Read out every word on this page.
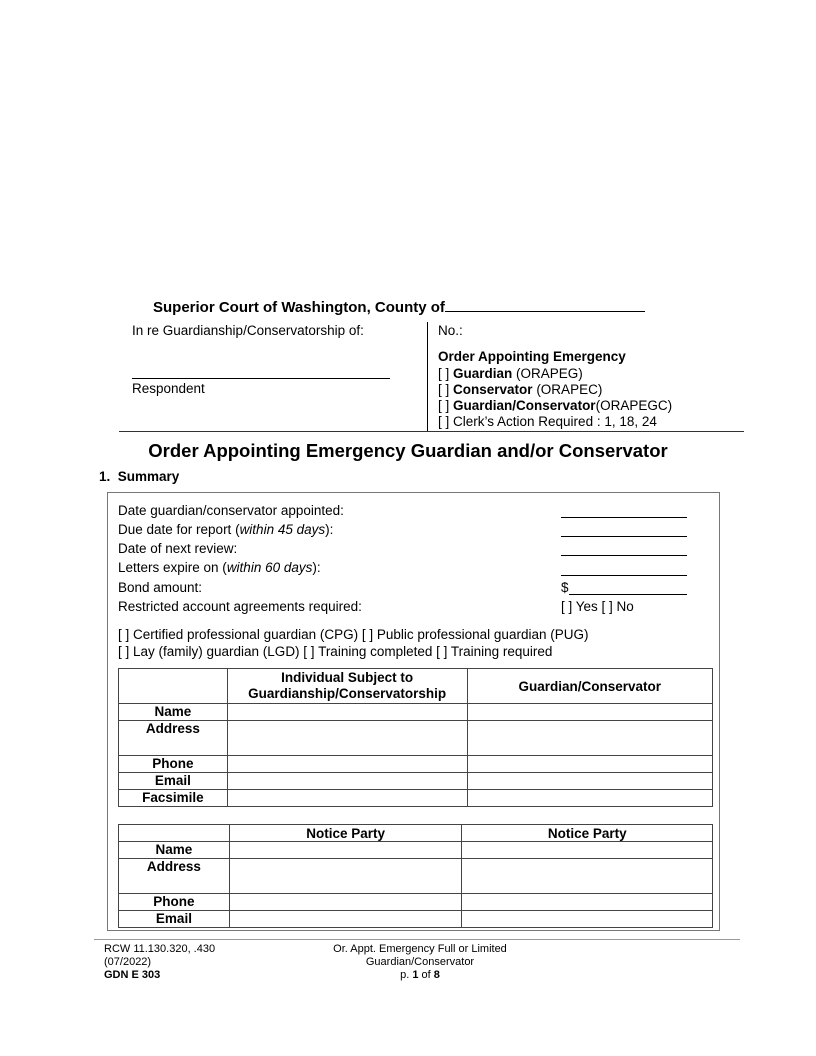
Superior Court of Washington, County of
In re Guardianship/Conservatorship of:
Respondent
No.:
Order Appointing Emergency
[ ] Guardian (ORAPEG)
[ ] Conservator (ORAPEC)
[ ] Guardian/Conservator(ORAPEGC)
[ ] Clerk’s Action Required : 1, 18, 24
Order Appointing Emergency Guardian and/or Conservator
1. Summary
Date guardian/conservator appointed:
Due date for report (within 45 days):
Date of next review:
Letters expire on (within 60 days):
Bond amount:	$
Restricted account agreements required:	[ ] Yes [ ] No
[ ] Certified professional guardian (CPG) [ ] Public professional guardian (PUG)
[ ] Lay (family) guardian (LGD) [ ] Training completed [ ] Training required

	Individual Subject to
Guardianship/Conservatorship	Guardian/Conservator
Name		
Address		
Phone		
Email		
Facsimile		
	Notice Party	Notice Party
Name		
Address		
Phone		
Email		
RCW 11.130.320, .430
(07/2022)
GDN E 303
Or. Appt. Emergency Full or Limited
Guardian/Conservator
p. 1 of 8
